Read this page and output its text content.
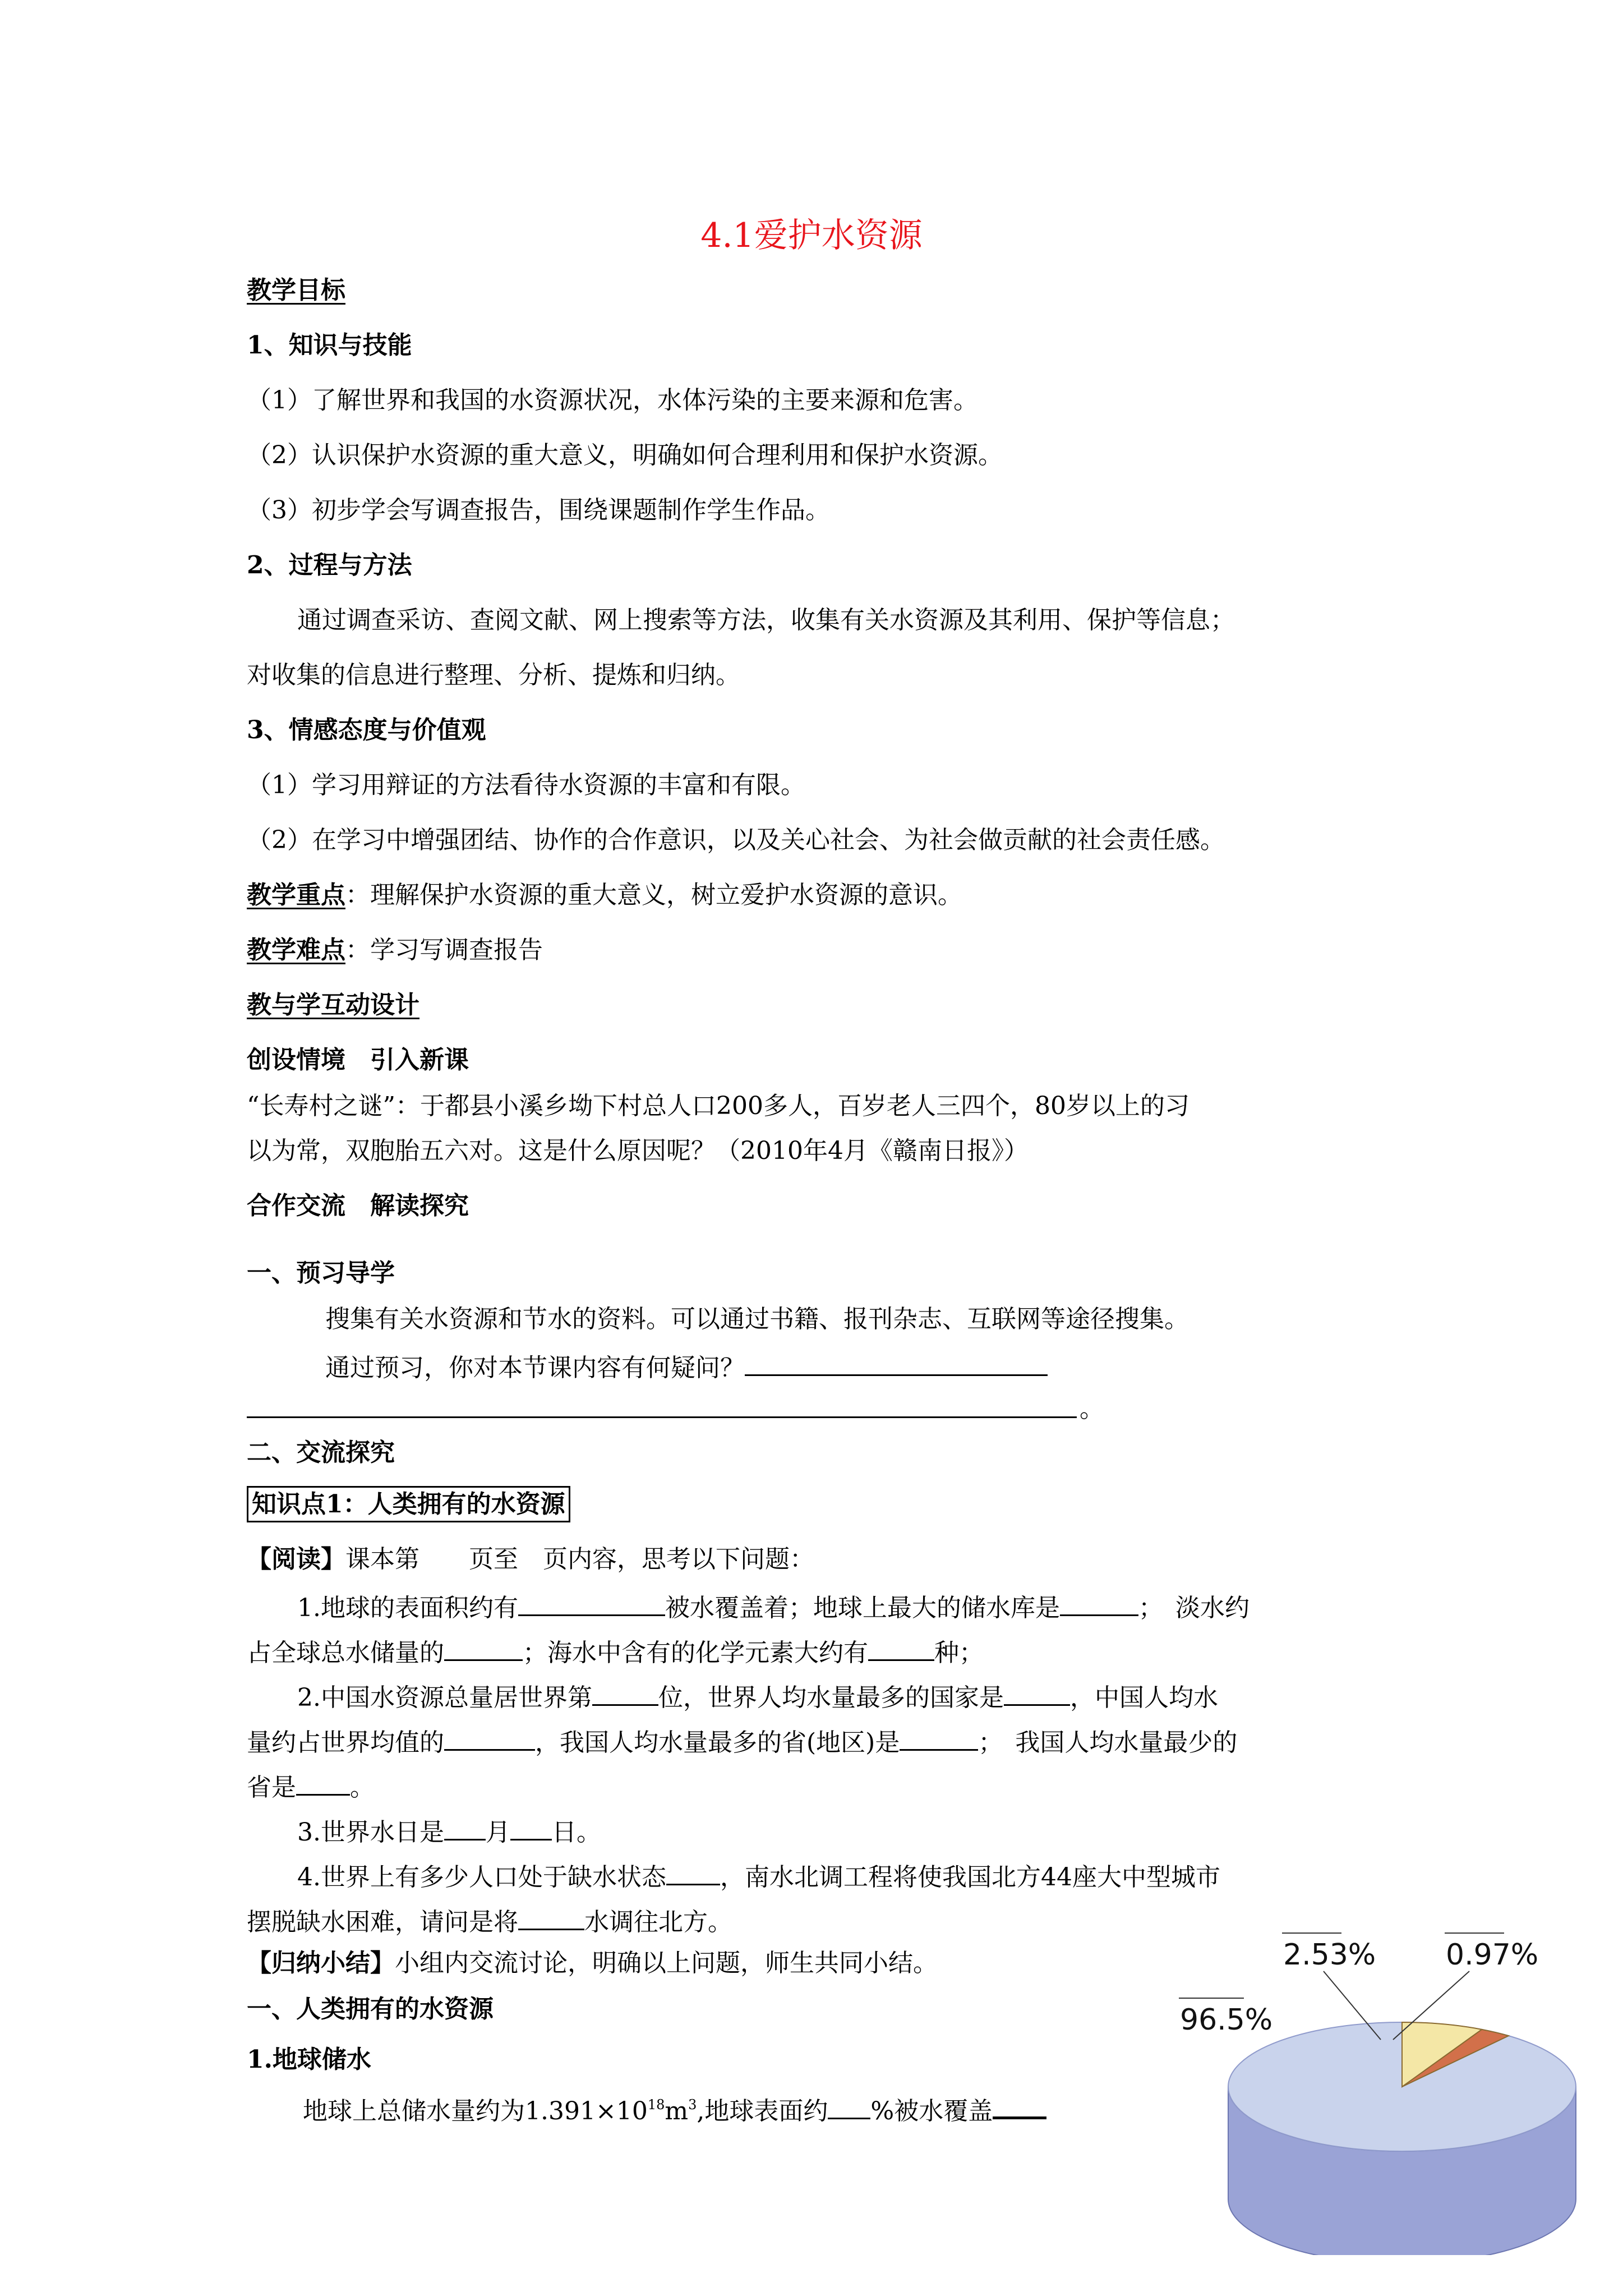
4.1爱护水资源
教学目标
1、知识与技能
（1）了解世界和我国的水资源状况，水体污染的主要来源和危害。
（2）认识保护水资源的重大意义，明确如何合理利用和保护水资源。
（3）初步学会写调查报告，围绕课题制作学生作品。
2、过程与方法
通过调查采访、查阅文献、网上搜索等方法，收集有关水资源及其利用、保护等信息；
对收集的信息进行整理、分析、提炼和归纳。
3、情感态度与价值观
（1）学习用辩证的方法看待水资源的丰富和有限。
（2）在学习中增强团结、协作的合作意识，以及关心社会、为社会做贡献的社会责任感。
教学重点：理解保护水资源的重大意义，树立爱护水资源的意识。
教学难点：学习写调查报告
教与学互动设计
创设情境　引入新课
“长寿村之谜”：于都县小溪乡坳下村总人口200多人，百岁老人三四个，80岁以上的习
以为常，双胞胎五六对。这是什么原因呢？（2010年4月《赣南日报》）
合作交流　解读探究
一、预习导学
搜集有关水资源和节水的资料。可以通过书籍、报刊杂志、互联网等途径搜集。
通过预习，你对本节课内容有何疑问？
。
二、交流探究
知识点1：人类拥有的水资源
【阅读】课本第 页至 页内容，思考以下问题：
1.地球的表面积约有	被水覆盖着；地球上最大的储水库是	；　淡水约
占全球总水储量的	；海水中含有的化学元素大约有	种；
2.中国水资源总量居世界第	位，世界人均水量最多的国家是	，中国人均水
量约占世界均值的	，我国人均水量最多的省(地区)是	；　我国人均水量最少的
省是 。
3.世界水日是 月 日。
4.世界上有多少人口处于缺水状态 ，南水北调工程将使我国北方44座大中型城市
摆脱缺水困难，请问是将	水调往北方。
【归纳小结】小组内交流讨论，明确以上问题，师生共同小结。
一、人类拥有的水资源
1.地球储水
地球上总储水量约为$1.391\times 10^{18}m^3$,地球表面约 %被水覆盖
2.53% 0.97%
96.5%
